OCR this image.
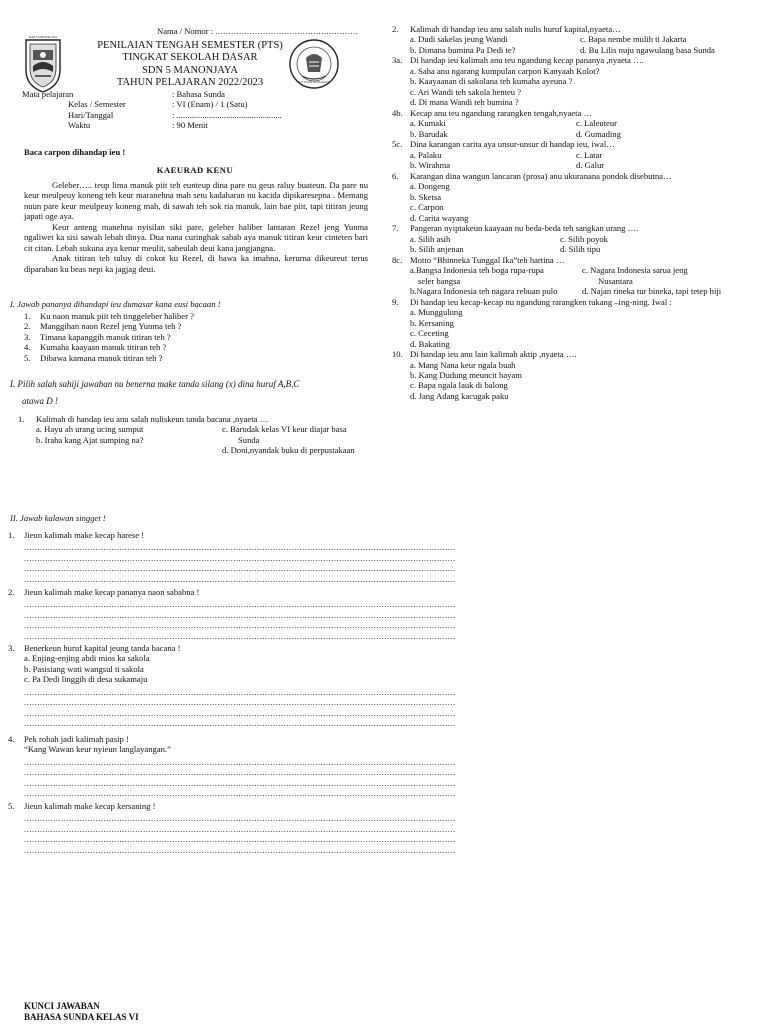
Nama / Nomor : ......................................................
KAB TASIKMALAYA
PENILAIAN TENGAH SEMESTER (PTS)
TINGKAT SEKOLAH DASAR
SDN 5 MANONJAYA
TAHUN PELAJARAN 2022/2023	TUT WURI HANDAYANI
Mata pelajaran	: Bahasa Sunda
Kelas / Semester	: VI (Enam) / 1 (Satu)
Hari/Tanggal	: .................................................
Waktu	: 90 Menit
Baca carpon dihandap ieu !
KAEURAD KENU
Geleber….. teup lima manuk piit teh eunteup dina pare nu geus raluy buateun. Da pare nu keur meulpeuy koneng teh keur maranehna mah setu kadaharan nu kacida dipikaresepna . Memang nuun pare keur meulpeuy koneng mah, di sawah teh sok ria manuk, lain bae piit, tapi titiran jeung japati oge aya.
Keur anteng manehna nyisilan siki pare, geleber haliber lantaran Rezel jeng Yunma ngaliwet ka sisi sawah lebah dinya. Dua nana curinghak sabab aya manuk titiran keur cinteten bari cit citan. Lebah sukuna aya kenur meulit, sabeulah deui kana jangjangna.
Anak titiran teh tuluy di cokot ku Rezel, di bawa ka imahna, kerurna dikeureut terus diparaban ku beas nepi ka jagjag deui.
I. Jawab pananya dihandapi ieu dumasar kana eusi bacaan !
1. Ku naon manuk piit teh tinggeleber haliber ?
2. Manggihan naon Rezel jeng Yunma teh ?
3. Timana kapanggih manuk titiran teh ?
4. Kumaha kaayaan manuk titiran teh ?
5. Dibawa kamana manuk titiran teh ?
I. Pilih salah sahiji jawaban nu benerna make tanda silang (x) dina huruf A,B,C
atawa D !
1. Kalimah di handap ieu anu salah nuliskeun tanda bacana ,nyaeta …
a. Hayu ah urang ucing sumput
b. Iraha kang Ajat sumping na?
c. Barudak kelas VI keur diajar basa
Sunda
d. Doni,nyandak buku di perpustakaan
2. Kalimah di handap ieu anu salah nulis huruf kapital,nyaeta…
a. Dudi sakelas jeung Wandi	c. Bapa nembe mulih ti Jakarta
b. Dimana bumina Pa Dedi te?	d. Bu Lilis nuju ngawulang basa Sunda
3a. Di handap ieu kalimah anu teu ngandung kecap pananya ,nyaeta ….
a. Saha anu ngarang kumpulan carpon Kanyaah Kolot?
b. Kaayaanan di sakolana teh kumaha ayeuna ?
c. Ari Wandi teh sakola henteu ?
d. Di mana Wandi teh bumina ?
4b. Kecap anu teu ngandung rarangken tengah,nyaeta …
a. Kumaki	c. Laleuteur
b. Barudak	d. Gumading
5c. Dina karangan carita aya unsur-unsur di handap ieu, iwal…
a. Palaku	c. Latar
b. Wirahma	d. Galur
6. Karangan dina wangun lancaran (prosa) anu ukuranana pondok disebutna…
a. Dongeng
b. Sketsa
c. Carpon
d. Carita wayang
7. Pangeran nyiptakeun kaayaan nu beda-beda teh sangkan urang ….
a. Silih asih	c. Silih poyok
b. Silih anjenan	d. Silih tipu
8c. Motto “Bhinneka Tunggal Ika”teh hartina …
a.Bangsa Indonesia teh boga rupa-rupa
seler bangsa
c. Nagara Indonesia sarua jeng
Nusantara
b.Nagara Indonesia teh nagara rebuan pulo	d. Najan rineka tur bineka, tapi tetep hiji
9. Di handap ieu kecap-kecap nu ngandung rarangken tukang –ing-ning. Iwal :
a. Munggulung
b. Kersaning
c. Ceceting
d. Bakating
10. Di handap ieu anu lain kalimah aktip ,nyaeta ….
a. Mang Nana keur ngala buah
b. Kang Dudung meuncit hayam
c. Bapa ngala lauk di balong
d. Jang Adang kacugak paku
II. Jawab kalawan singget !
1. Jieun kalimah make kecap harese !
...................................................................................................................................................................
...................................................................................................................................................................
...................................................................................................................................................................
...................................................................................................................................................................
2. Jieun kalimah make kecap pananya naon sababna !
...................................................................................................................................................................
...................................................................................................................................................................
...................................................................................................................................................................
...................................................................................................................................................................
3. Benerkeun huruf kapital jeung tanda bacana !
a. Enjing-enjing abdi mios ka sakola
b. Pasisiang wati wangsul ti sakola
c. Pa Dedi linggih di desa sukamaju
...................................................................................................................................................................
...................................................................................................................................................................
...................................................................................................................................................................
...................................................................................................................................................................
4. Pek robah jadi kalimah pasip !
“Kang Wawan keur nyieun langlayangan.”
...................................................................................................................................................................
...................................................................................................................................................................
...................................................................................................................................................................
...................................................................................................................................................................
5. Jieun kalimah make kecap kersaning !
...................................................................................................................................................................
...................................................................................................................................................................
...................................................................................................................................................................
...................................................................................................................................................................
KUNCI JAWABAN
BAHASA SUNDA KELAS VI
